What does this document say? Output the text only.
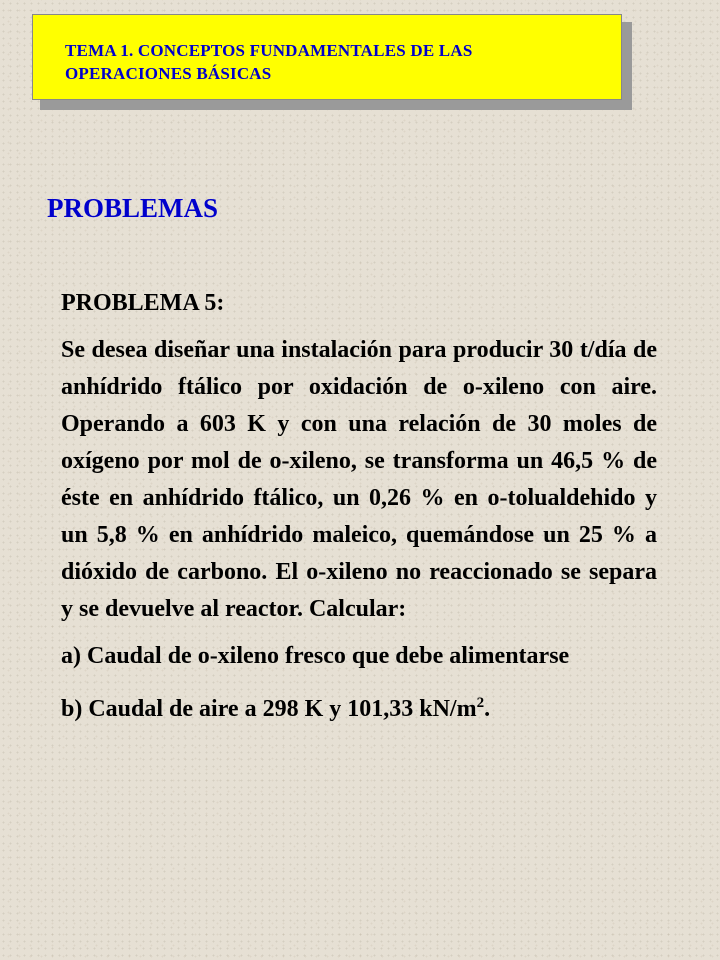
TEMA 1. CONCEPTOS FUNDAMENTALES DE LAS
OPERACIONES BÁSICAS
PROBLEMAS

PROBLEMA 5:

Se desea diseñar una instalación para producir 30 t/día de anhídrido ftálico por oxidación de o-xileno con aire. Operando a 603 K y con una relación de 30 moles de oxígeno por mol de o-xileno, se transforma un 46,5 % de éste en anhídrido ftálico, un 0,26 % en o-tolualdehido y un 5,8 % en anhídrido maleico, quemándose un 25 % a dióxido de carbono. El o-xileno no reaccionado se separa y se devuelve al reactor. Calcular:

a) Caudal de o-xileno fresco que debe alimentarse

b) Caudal de aire a 298 K y 101,33 $kN/m^2$.
